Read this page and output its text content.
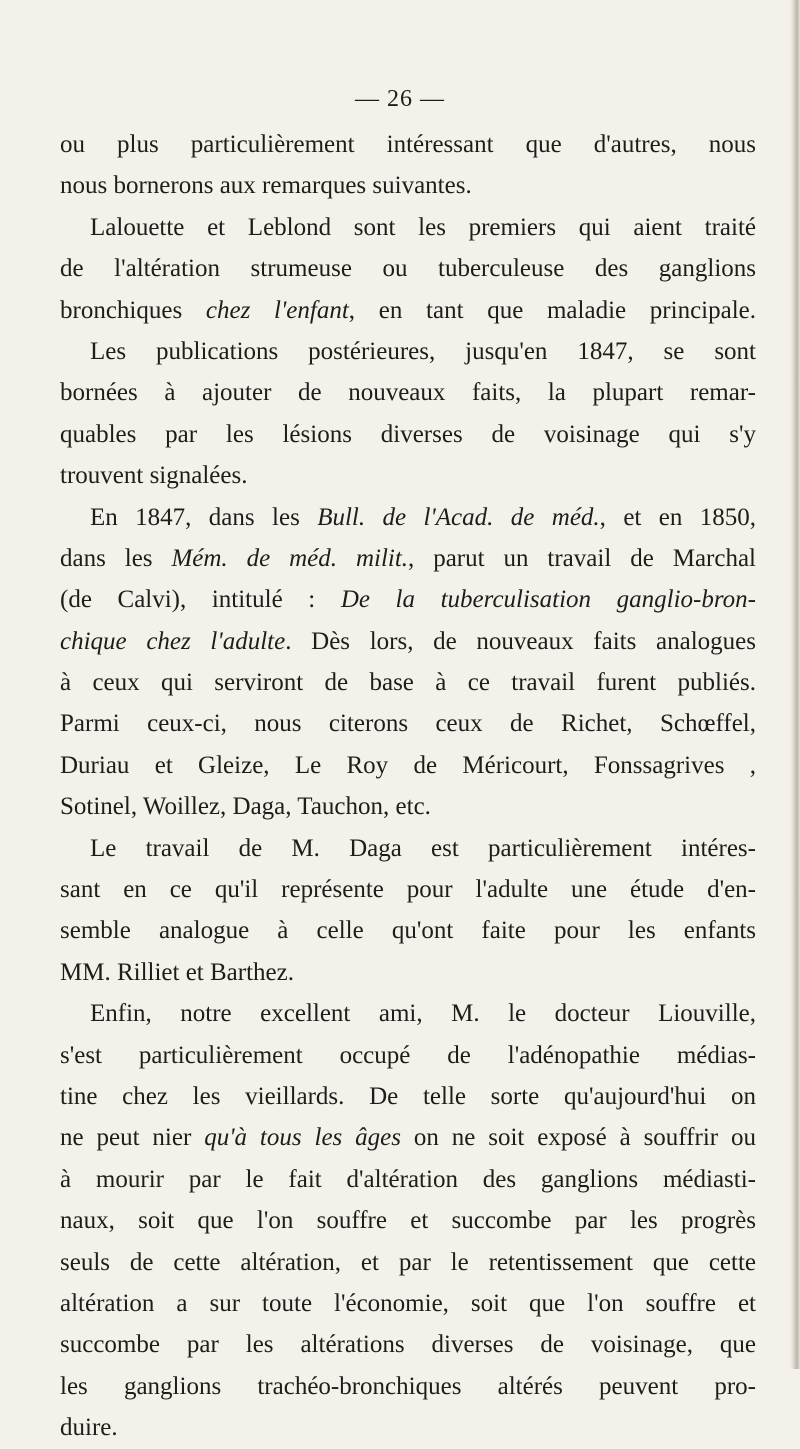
— 26 —
ou plus particulièrement intéressant que d'autres, nous
nous bornerons aux remarques suivantes.
Lalouette et Leblond sont les premiers qui aient traité
de l'altération strumeuse ou tuberculeuse des ganglions
bronchiques chez l'enfant, en tant que maladie principale.
Les publications postérieures, jusqu'en 1847, se sont
bornées à ajouter de nouveaux faits, la plupart remar-
quables par les lésions diverses de voisinage qui s'y
trouvent signalées.
En 1847, dans les Bull. de l'Acad. de méd., et en 1850,
dans les Mém. de méd. milit., parut un travail de Marchal
(de Calvi), intitulé : De la tuberculisation ganglio-bron-
chique chez l'adulte. Dès lors, de nouveaux faits analogues
à ceux qui serviront de base à ce travail furent publiés.
Parmi ceux-ci, nous citerons ceux de Richet, Schœffel,
Duriau et Gleize, Le Roy de Méricourt, Fonssagrives ,
Sotinel, Woillez, Daga, Tauchon, etc.
Le travail de M. Daga est particulièrement intéres-
sant en ce qu'il représente pour l'adulte une étude d'en-
semble analogue à celle qu'ont faite pour les enfants
MM. Rilliet et Barthez.
Enfin, notre excellent ami, M. le docteur Liouville,
s'est particulièrement occupé de l'adénopathie médias-
tine chez les vieillards. De telle sorte qu'aujourd'hui on
ne peut nier qu'à tous les âges on ne soit exposé à souffrir ou
à mourir par le fait d'altération des ganglions médiasti-
naux, soit que l'on souffre et succombe par les progrès
seuls de cette altération, et par le retentissement que cette
altération a sur toute l'économie, soit que l'on souffre et
succombe par les altérations diverses de voisinage, que
les ganglions trachéo-bronchiques altérés peuvent pro-
duire.
